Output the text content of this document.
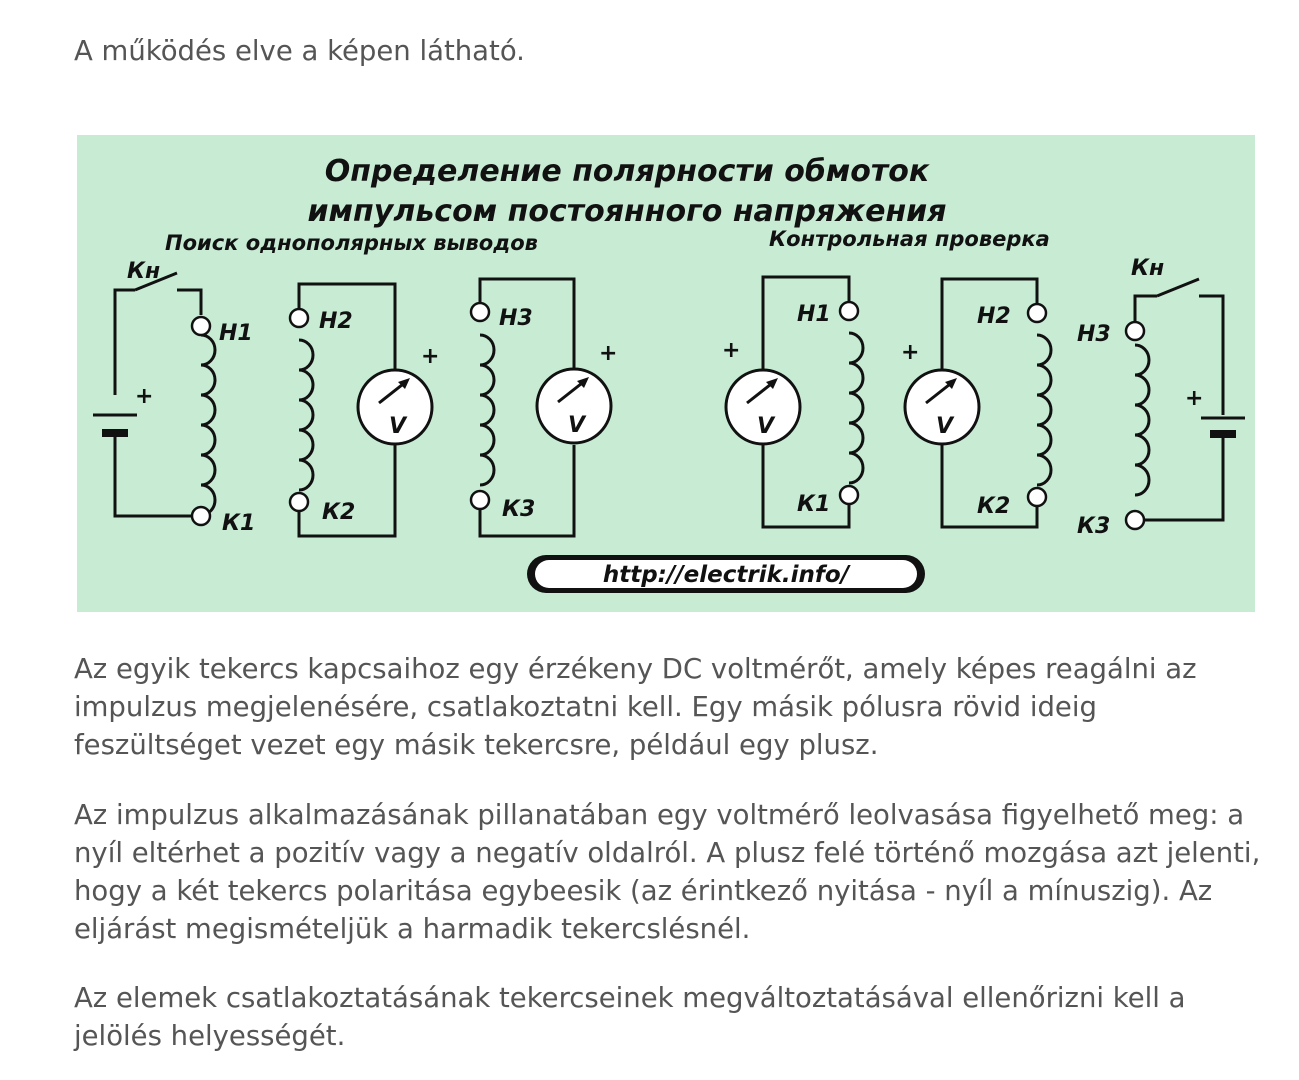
A működés elve a képen látható.

Определение полярности обмоток
импульсом постоянного напряжения
Поиск однополярных выводов	Контрольная проверка
Кн
+
Н1
К1
Н2
К2
V
+
Н3
К3
V
+
Н1
К1
V
+
Н2
К2
V
+
Кн
+
Н3
К3
http://electrik.info/

Az egyik tekercs kapcsaihoz egy érzékeny DC voltmérőt, amely képes reagálni az impulzus megjelenésére, csatlakoztatni kell. Egy másik pólusra rövid ideig feszültséget vezet egy másik tekercsre, például egy plusz.

Az impulzus alkalmazásának pillanatában egy voltmérő leolvasása figyelhető meg: a nyíl eltérhet a pozitív vagy a negatív oldalról. A plusz felé történő mozgása azt jelenti, hogy a két tekercs polaritása egybeesik (az érintkező nyitása - nyíl a mínuszig). Az eljárást megismételjük a harmadik tekercslésnél.

Az elemek csatlakoztatásának tekercseinek megváltoztatásával ellenőrizni kell a jelölés helyességét.
